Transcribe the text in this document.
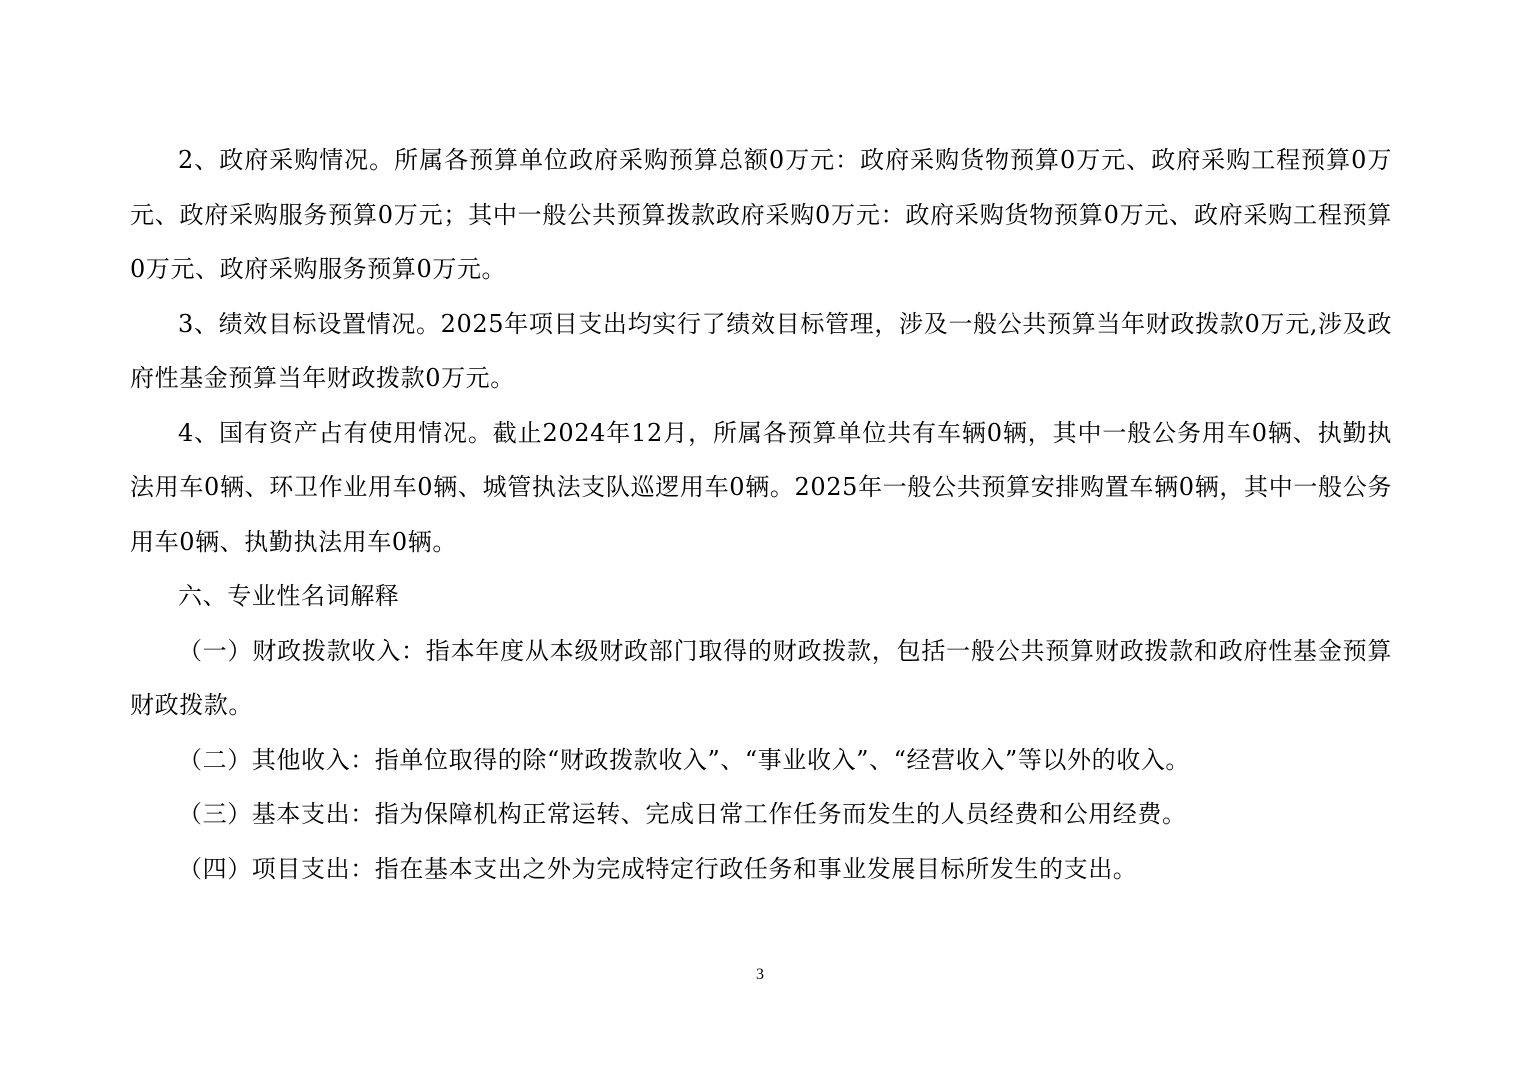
2、政府采购情况。所属各预算单位政府采购预算总额0万元：政府采购货物预算0万元、政府采购工程预算0万元、政府采购服务预算0万元；其中一般公共预算拨款政府采购0万元：政府采购货物预算0万元、政府采购工程预算0万元、政府采购服务预算0万元。

3、绩效目标设置情况。2025年项目支出均实行了绩效目标管理，涉及一般公共预算当年财政拨款0万元,涉及政府性基金预算当年财政拨款0万元。

4、国有资产占有使用情况。截止2024年12月，所属各预算单位共有车辆0辆，其中一般公务用车0辆、执勤执法用车0辆、环卫作业用车0辆、城管执法支队巡逻用车0辆。2025年一般公共预算安排购置车辆0辆，其中一般公务用车0辆、执勤执法用车0辆。

六、专业性名词解释

（一）财政拨款收入：指本年度从本级财政部门取得的财政拨款，包括一般公共预算财政拨款和政府性基金预算财政拨款。

（二）其他收入：指单位取得的除“财政拨款收入”、“事业收入”、“经营收入”等以外的收入。

（三）基本支出：指为保障机构正常运转、完成日常工作任务而发生的人员经费和公用经费。

（四）项目支出：指在基本支出之外为完成特定行政任务和事业发展目标所发生的支出。

3
